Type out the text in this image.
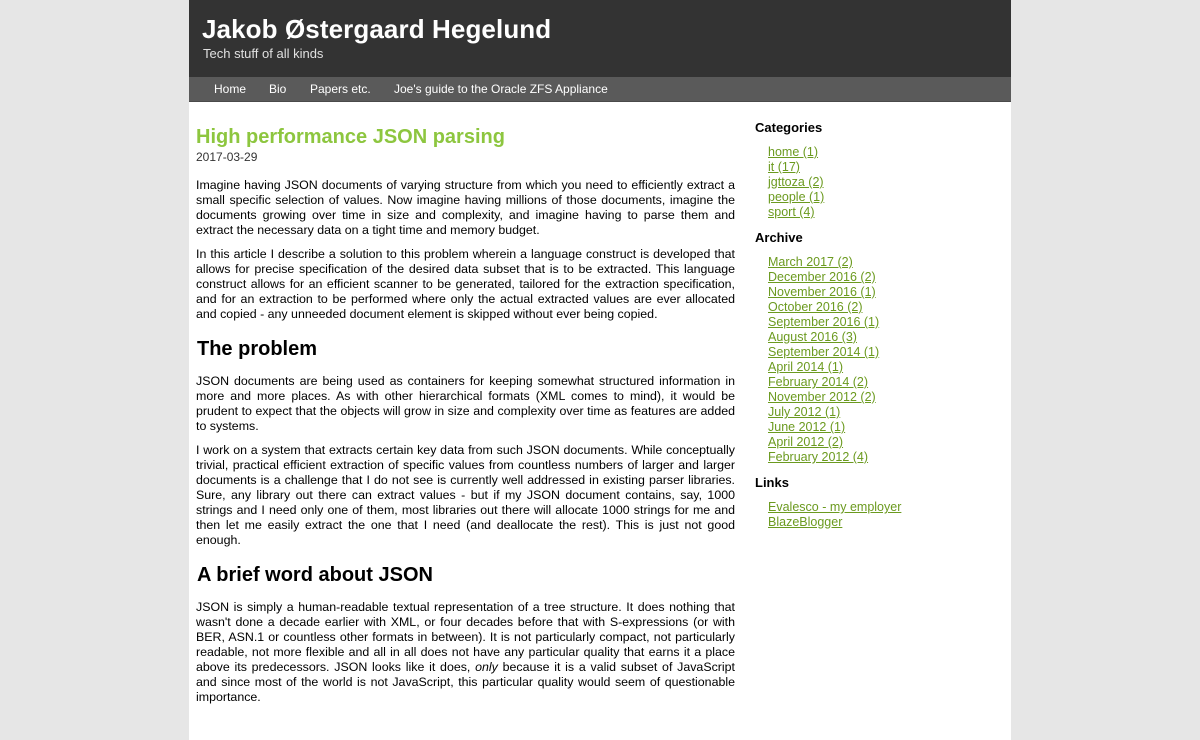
Jakob Østergaard Hegelund
Tech stuff of all kinds
Home Bio Papers etc. Joe's guide to the Oracle ZFS Appliance
High performance JSON parsing
2017-03-29

Imagine having JSON documents of varying structure from which you need to efficiently extract a small specific selection of values. Now imagine having millions of those documents, imagine the documents growing over time in size and complexity, and imagine having to parse them and extract the necessary data on a tight time and memory budget.

In this article I describe a solution to this problem wherein a language construct is developed that allows for precise specification of the desired data subset that is to be extracted. This language construct allows for an efficient scanner to be generated, tailored for the extraction specification, and for an extraction to be performed where only the actual extracted values are ever allocated and copied - any unneeded document element is skipped without ever being copied.

The problem

JSON documents are being used as containers for keeping somewhat structured information in more and more places. As with other hierarchical formats (XML comes to mind), it would be prudent to expect that the objects will grow in size and complexity over time as features are added to systems.

I work on a system that extracts certain key data from such JSON documents. While conceptually trivial, practical efficient extraction of specific values from countless numbers of larger and larger documents is a challenge that I do not see is currently well addressed in existing parser libraries. Sure, any library out there can extract values - but if my JSON document contains, say, 1000 strings and I need only one of them, most libraries out there will allocate 1000 strings for me and then let me easily extract the one that I need (and deallocate the rest). This is just not good enough.

A brief word about JSON

JSON is simply a human-readable textual representation of a tree structure. It does nothing that wasn't done a decade earlier with XML, or four decades before that with S-expressions (or with BER, ASN.1 or countless other formats in between). It is not particularly compact, not particularly readable, not more flexible and all in all does not have any particular quality that earns it a place above its predecessors. JSON looks like it does, only because it is a valid subset of JavaScript and since most of the world is not JavaScript, this particular quality would seem of questionable importance.

Categories
home (1)
it (17)
jgttoza (2)
people (1)
sport (4)
Archive
March 2017 (2)
December 2016 (2)
November 2016 (1)
October 2016 (2)
September 2016 (1)
August 2016 (3)
September 2014 (1)
April 2014 (1)
February 2014 (2)
November 2012 (2)
July 2012 (1)
June 2012 (1)
April 2012 (2)
February 2012 (4)
Links
Evalesco - my employer
BlazeBlogger
